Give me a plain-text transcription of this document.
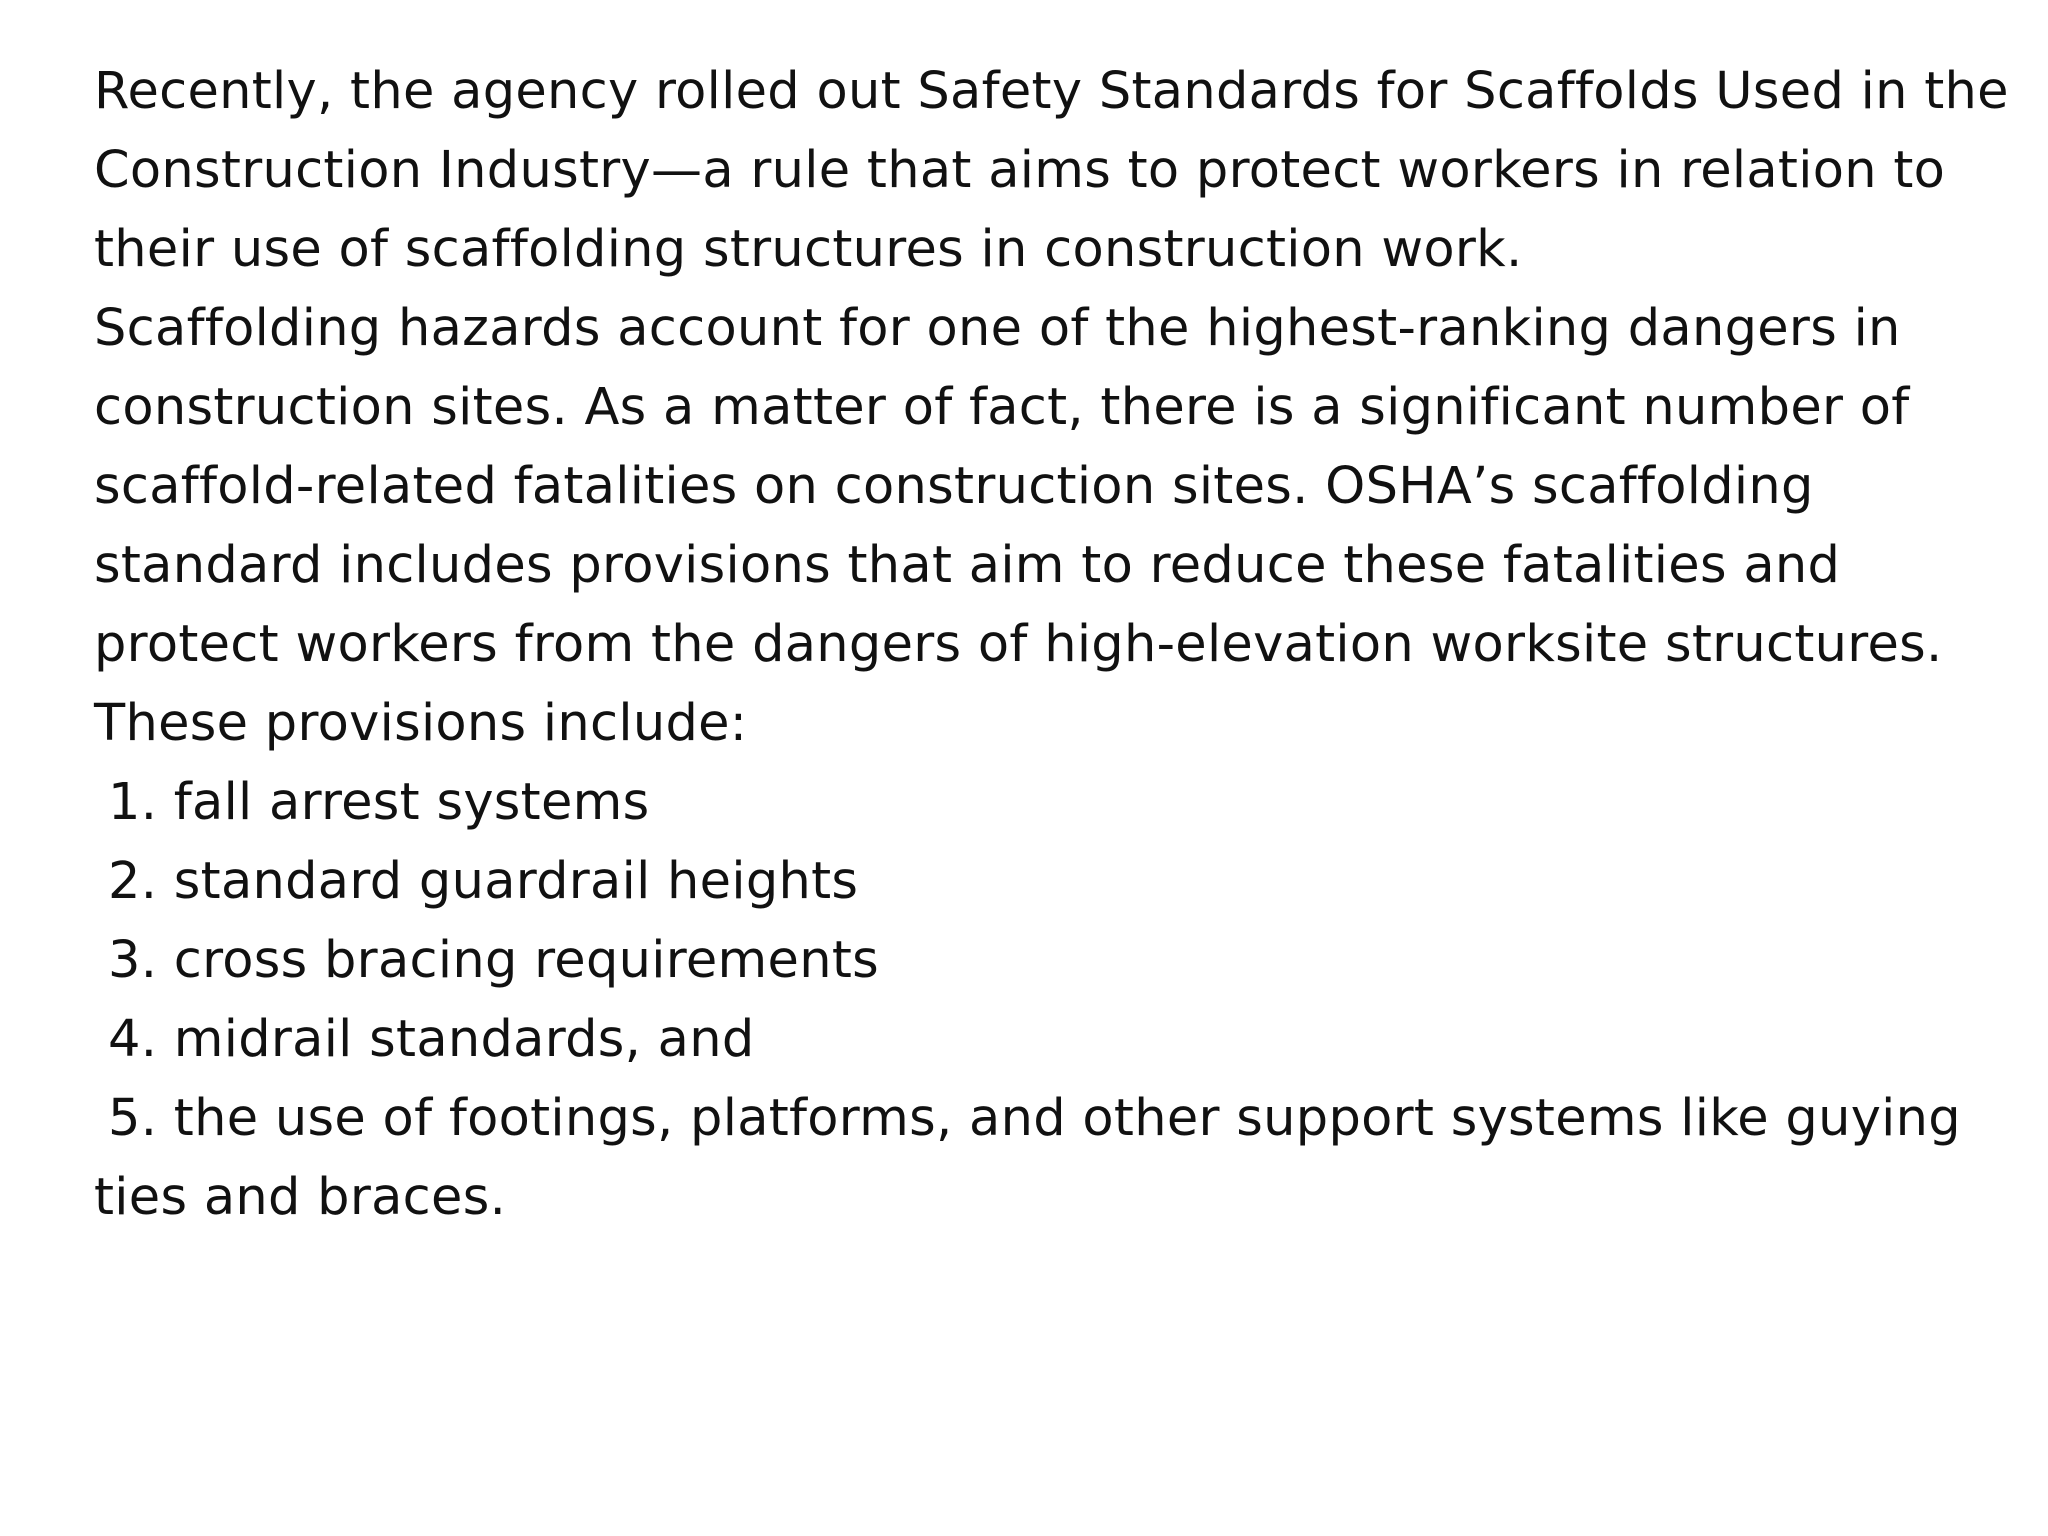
Recently, the agency rolled out Safety Standards for Scaffolds Used in the
Construction Industry—a rule that aims to protect workers in relation to
their use of scaffolding structures in construction work.
Scaffolding hazards account for one of the highest-ranking dangers in
construction sites. As a matter of fact, there is a significant number of
scaffold-related fatalities on construction sites. OSHA’s scaffolding
standard includes provisions that aim to reduce these fatalities and
protect workers from the dangers of high-elevation worksite structures.
These provisions include:
1. fall arrest systems
2. standard guardrail heights
3. cross bracing requirements
4. midrail standards, and
5. the use of footings, platforms, and other support systems like guying
ties and braces.
